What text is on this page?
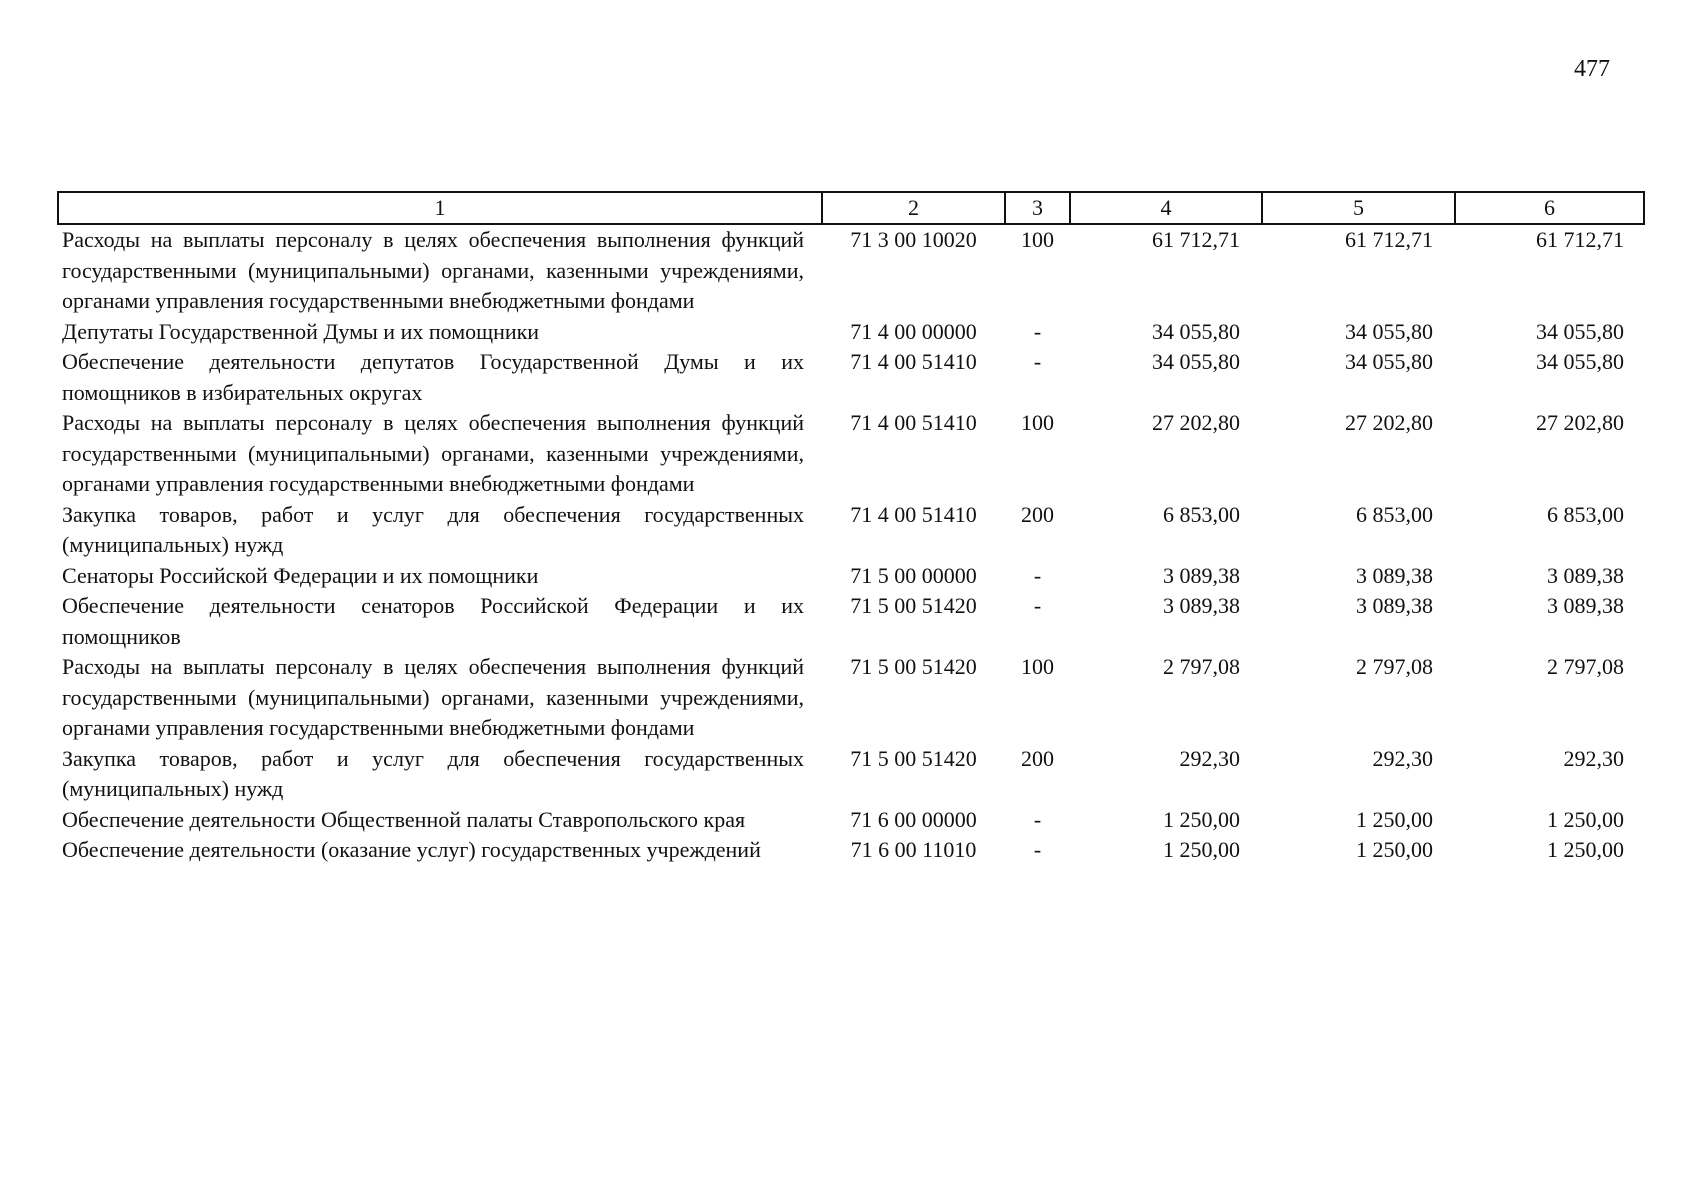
477
1	2	3	4	5	6
Расходы на выплаты персоналу в целях обеспечения выполнения функций государственными (муниципальными) органами, казенными учреждениями, органами управления государственными внебюджетными фондами	71 3 00 10020	100	61 712,71	61 712,71	61 712,71
Депутаты Государственной Думы и их помощники	71 4 00 00000	-	34 055,80	34 055,80	34 055,80
Обеспечение деятельности депутатов Государственной Думы и их помощников в избирательных округах	71 4 00 51410	-	34 055,80	34 055,80	34 055,80
Расходы на выплаты персоналу в целях обеспечения выполнения функций государственными (муниципальными) органами, казенными учреждениями, органами управления государственными внебюджетными фондами	71 4 00 51410	100	27 202,80	27 202,80	27 202,80
Закупка товаров, работ и услуг для обеспечения государственных (муниципальных) нужд	71 4 00 51410	200	6 853,00	6 853,00	6 853,00
Сенаторы Российской Федерации и их помощники	71 5 00 00000	-	3 089,38	3 089,38	3 089,38
Обеспечение деятельности сенаторов Российской Федерации и их помощников	71 5 00 51420	-	3 089,38	3 089,38	3 089,38
Расходы на выплаты персоналу в целях обеспечения выполнения функций государственными (муниципальными) органами, казенными учреждениями, органами управления государственными внебюджетными фондами	71 5 00 51420	100	2 797,08	2 797,08	2 797,08
Закупка товаров, работ и услуг для обеспечения государственных (муниципальных) нужд	71 5 00 51420	200	292,30	292,30	292,30
Обеспечение деятельности Общественной палаты Ставропольского края	71 6 00 00000	-	1 250,00	1 250,00	1 250,00
Обеспечение деятельности (оказание услуг) государственных учреждений	71 6 00 11010	-	1 250,00	1 250,00	1 250,00
